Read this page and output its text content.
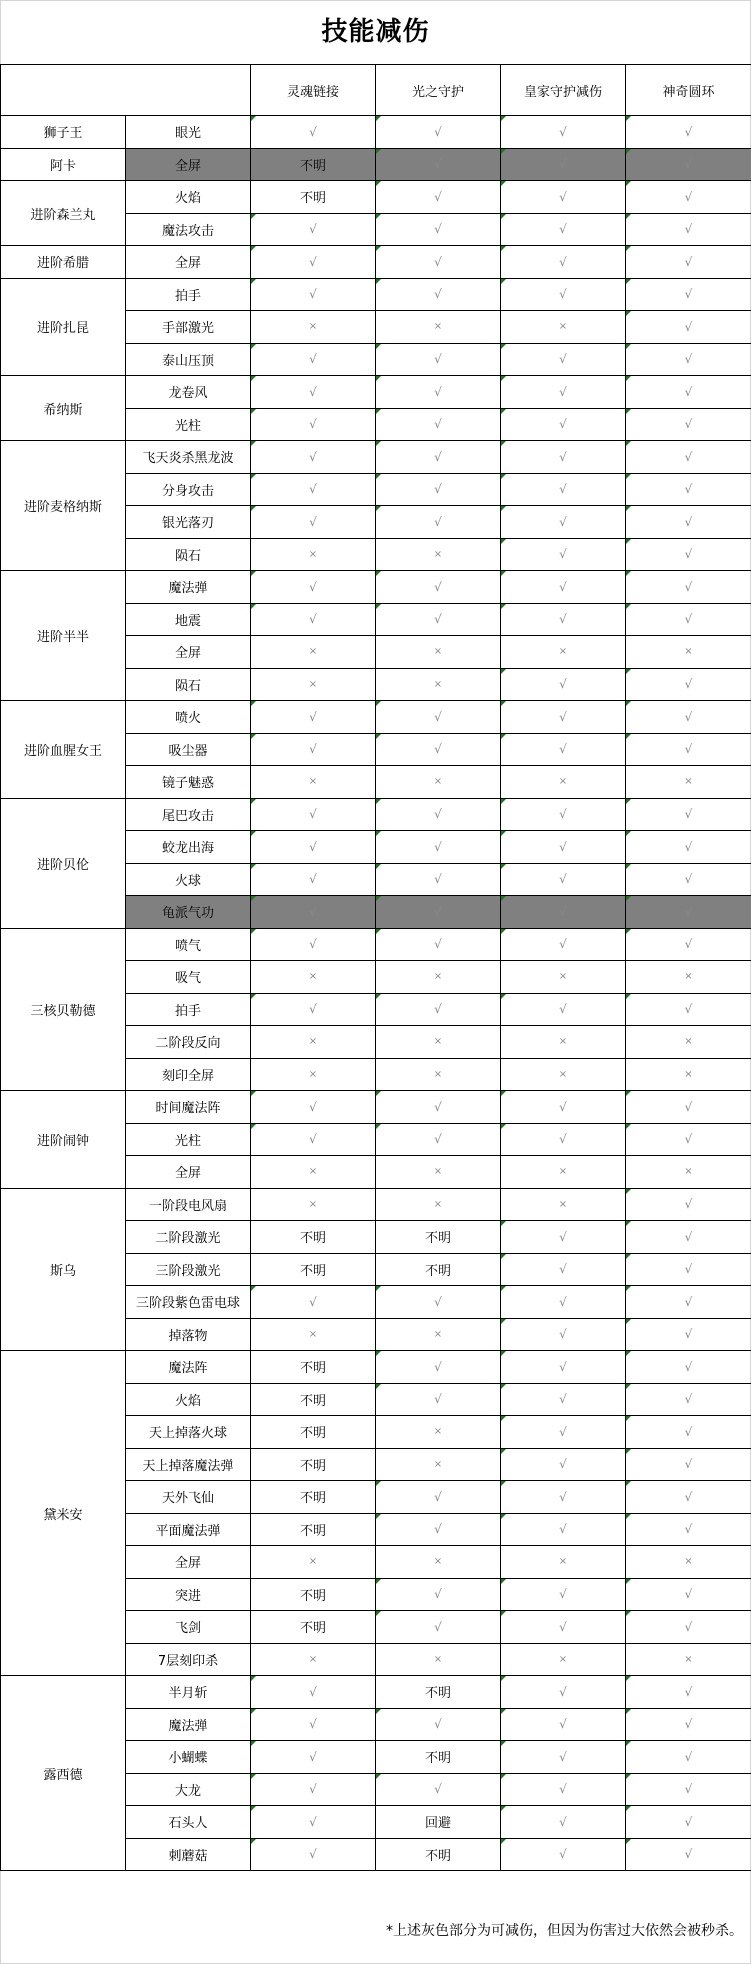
技能减伤
		灵魂链接	光之守护	皇家守护减伤	神奇圆环
狮子王	眼光	√	√	√	√
阿卡	全屏	不明	√	√	√
进阶森兰丸	火焰	不明	√	√	√
	魔法攻击	√	√	√	√
进阶希腊	全屏	√	√	√	√
进阶扎昆	拍手	√	√	√	√
	手部激光	×	×	×	√
	泰山压顶	√	√	√	√
希纳斯	龙卷风	√	√	√	√
	光柱	√	√	√	√
进阶麦格纳斯	飞天炎杀黑龙波	√	√	√	√
	分身攻击	√	√	√	√
	银光落刃	√	√	√	√
	陨石	×	×	√	√
进阶半半	魔法弹	√	√	√	√
	地震	√	√	√	√
	全屏	×	×	×	×
	陨石	×	×	√	√
进阶血腥女王	喷火	√	√	√	√
	吸尘器	√	√	√	√
	镜子魅惑	×	×	×	×
进阶贝伦	尾巴攻击	√	√	√	√
	蛟龙出海	√	√	√	√
	火球	√	√	√	√
	龟派气功	√	√	√	√
三核贝勒德	喷气	√	√	√	√
	吸气	×	×	×	×
	拍手	√	√	√	√
	二阶段反向	×	×	×	×
	刻印全屏	×	×	×	×
进阶闹钟	时间魔法阵	√	√	√	√
	光柱	√	√	√	√
	全屏	×	×	×	×
斯乌	一阶段电风扇	×	×	×	√
	二阶段激光	不明	不明	√	√
	三阶段激光	不明	不明	√	√
	三阶段紫色雷电球	√	√	√	√
	掉落物	×	×	√	√
黛米安	魔法阵	不明	√	√	√
	火焰	不明	√	√	√
	天上掉落火球	不明	×	√	√
	天上掉落魔法弹	不明	×	√	√
	天外飞仙	不明	√	√	√
	平面魔法弹	不明	√	√	√
	全屏	×	×	×	×
	突进	不明	√	√	√
	飞剑	不明	√	√	√
	7层刻印杀	×	×	×	×
露西德	半月斩	√	不明	√	√
	魔法弹	√	√	√	√
	小蝴蝶	√	不明	√	√
	大龙	√	√	√	√
	石头人	√	回避	√	√
	刺蘑菇	√	不明	√	√
*上述灰色部分为可减伤，但因为伤害过大依然会被秒杀。
